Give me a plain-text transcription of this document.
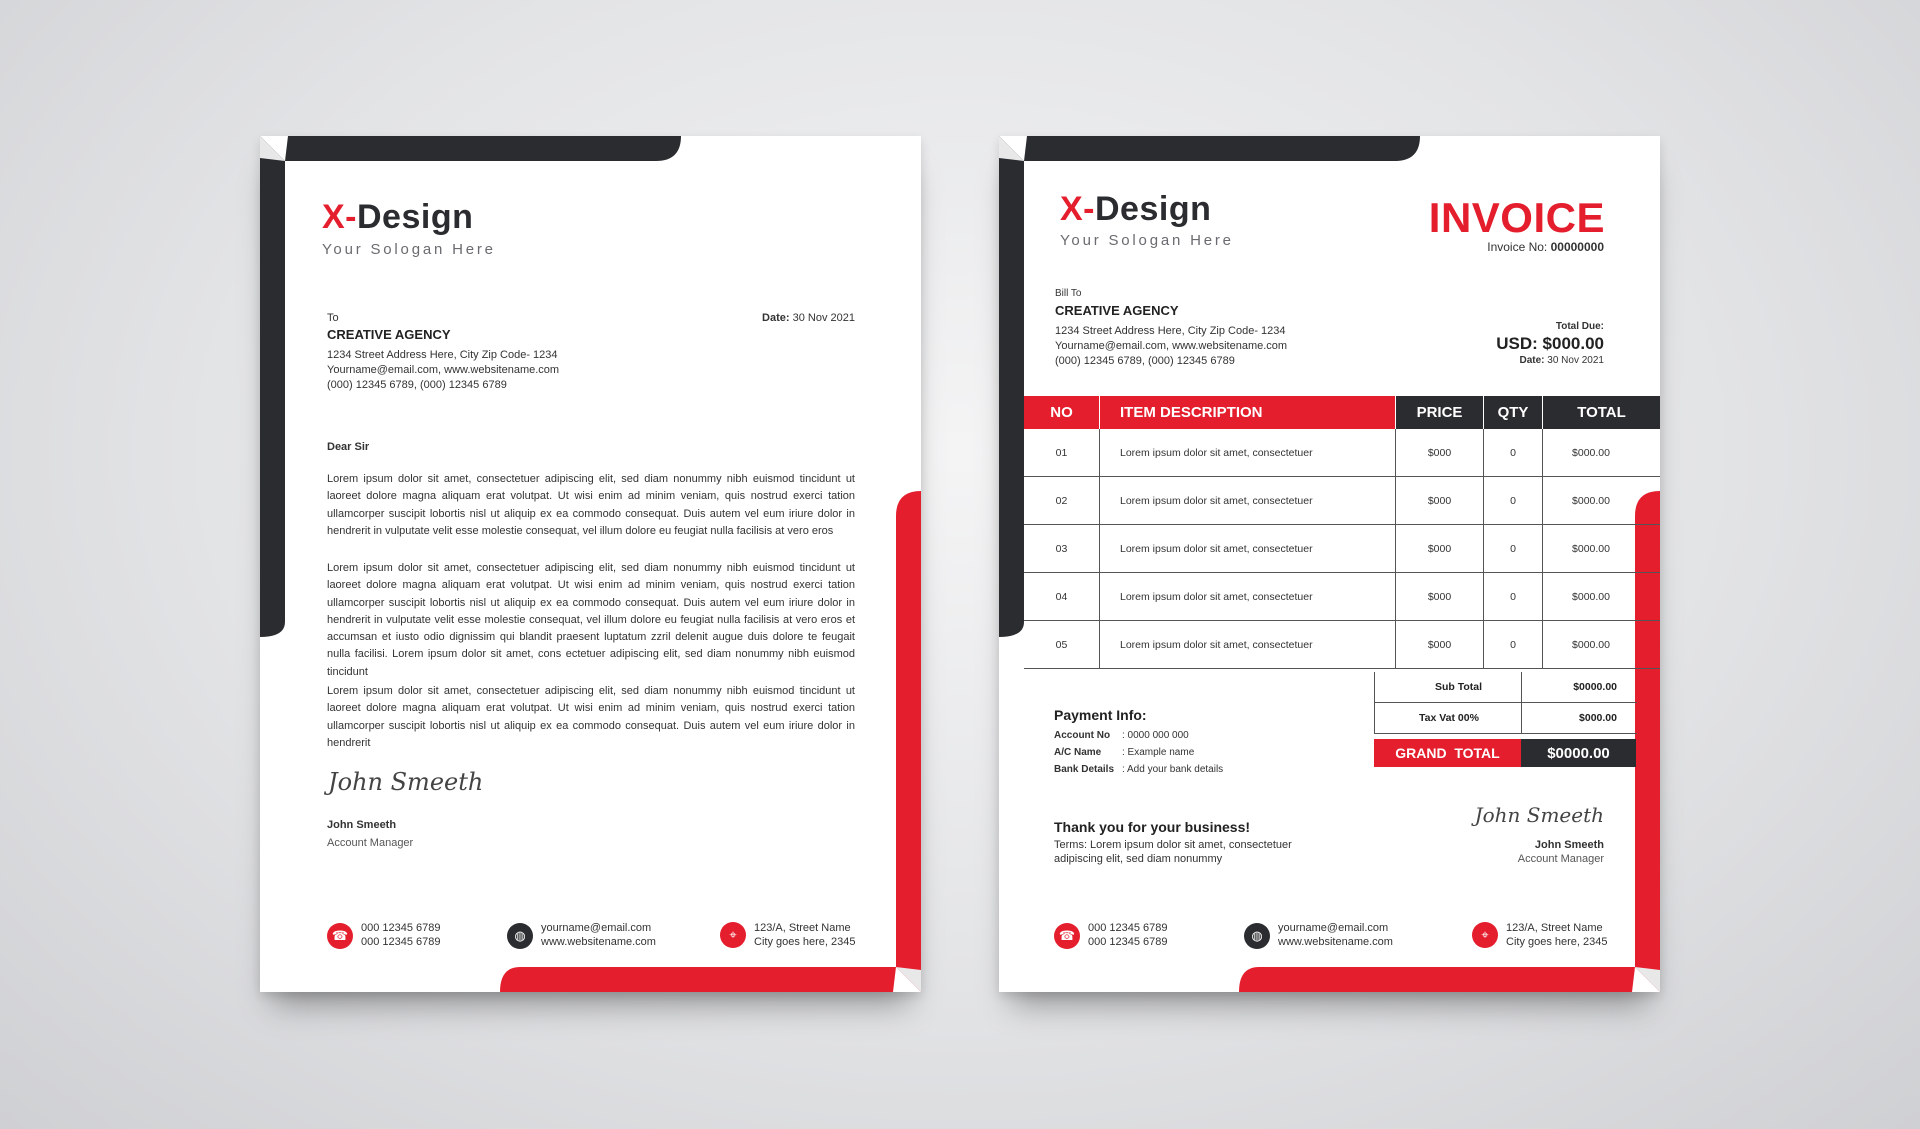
X-Design
Your Sologan Here
To
CREATIVE AGENCY
1234 Street Address Here, City Zip Code- 1234
Yourname@email.com, www.websitename.com
(000) 12345 6789, (000) 12345 6789
Date: 30 Nov 2021
Dear Sir
Lorem ipsum dolor sit amet, consectetuer adipiscing elit, sed diam nonummy nibh euismod tincidunt ut laoreet dolore magna aliquam erat volutpat. Ut wisi enim ad minim veniam, quis nostrud exerci tation ullamcorper suscipit lobortis nisl ut aliquip ex ea commodo consequat. Duis autem vel eum iriure dolor in hendrerit in vulputate velit esse molestie consequat, vel illum dolore eu feugiat nulla facilisis at vero eros
Lorem ipsum dolor sit amet, consectetuer adipiscing elit, sed diam nonummy nibh euismod tincidunt ut laoreet dolore magna aliquam erat volutpat. Ut wisi enim ad minim veniam, quis nostrud exerci tation ullamcorper suscipit lobortis nisl ut aliquip ex ea commodo consequat. Duis autem vel eum iriure dolor in hendrerit in vulputate velit esse molestie consequat, vel illum dolore eu feugiat nulla facilisis at vero eros et accumsan et iusto odio dignissim qui blandit praesent luptatum zzril delenit augue duis dolore te feugait nulla facilisi. Lorem ipsum dolor sit amet, cons ectetuer adipiscing elit, sed diam nonummy nibh euismod tincidunt
Lorem ipsum dolor sit amet, consectetuer adipiscing elit, sed diam nonummy nibh euismod tincidunt ut laoreet dolore magna aliquam erat volutpat. Ut wisi enim ad minim veniam, quis nostrud exerci tation ullamcorper suscipit lobortis nisl ut aliquip ex ea commodo consequat. Duis autem vel eum iriure dolor in hendrerit
John Smeeth
John Smeeth
Account Manager
☎	000 12345 6789
000 12345 6789	◍	yourname@email.com
www.websitename.com	⌖	123/A, Street Name
City goes here, 2345
X-Design
Your Sologan Here	INVOICE
Invoice No: 00000000
Bill To
CREATIVE AGENCY
1234 Street Address Here, City Zip Code- 1234
Yourname@email.com, www.websitename.com
(000) 12345 6789, (000) 12345 6789
Total Due:
USD: $000.00
Date: 30 Nov 2021
NO	ITEM DESCRIPTION	PRICE	QTY	TOTAL
01	Lorem ipsum dolor sit amet, consectetuer	$000	0	$000.00
02	Lorem ipsum dolor sit amet, consectetuer	$000	0	$000.00
03	Lorem ipsum dolor sit amet, consectetuer	$000	0	$000.00
04	Lorem ipsum dolor sit amet, consectetuer	$000	0	$000.00
05	Lorem ipsum dolor sit amet, consectetuer	$000	0	$000.00
Sub Total	$0000.00
Tax Vat 00%	$000.00
GRAND  TOTAL	$0000.00
Payment Info:
Account No : 0000 000 000
A/C Name : Example name
Bank Details : Add your bank details
Thank you for your business!
Terms: Lorem ipsum dolor sit amet, consectetuer
adipiscing elit, sed diam nonummy
John Smeeth
John Smeeth
Account Manager
☎	000 12345 6789
000 12345 6789	◍	yourname@email.com
www.websitename.com	⌖	123/A, Street Name
City goes here, 2345
